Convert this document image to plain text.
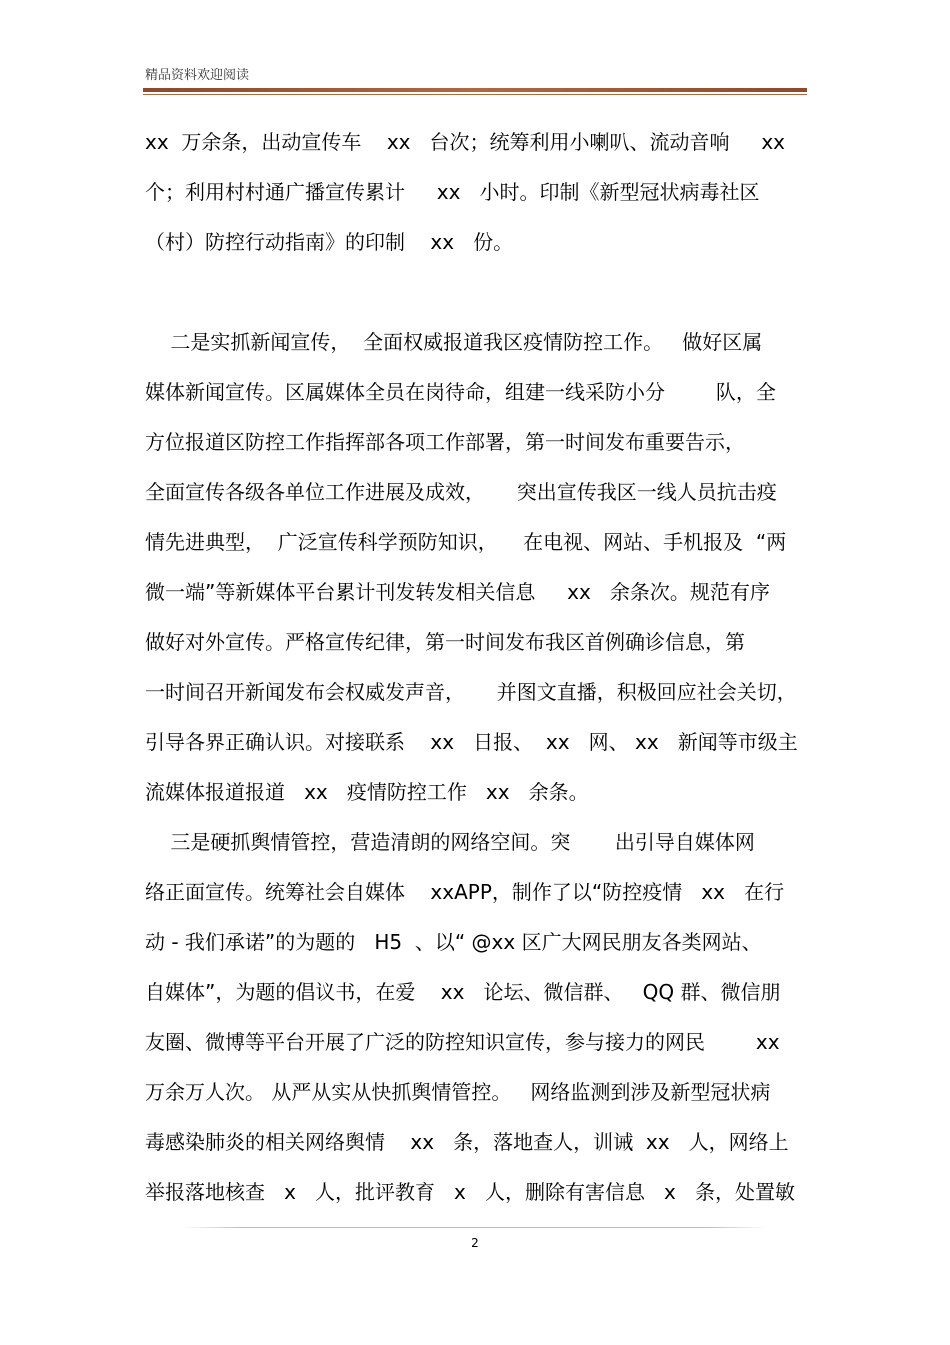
精品资料欢迎阅读
xx  万余条，出动宣传车    xx   台次；统筹利用小喇叭、流动音响     xx
个；利用村村通广播宣传累计     xx   小时。印制《新型冠状病毒社区
（村）防控行动指南》的印制    xx   份。
二是实抓新闻宣传，  全面权威报道我区疫情防控工作。   做好区属
媒体新闻宣传。区属媒体全员在岗待命，组建一线采防小分        队，全
方位报道区防控工作指挥部各项工作部署，第一时间发布重要告示，
全面宣传各级各单位工作进展及成效，     突出宣传我区一线人员抗击疫
情先进典型，  广泛宣传科学预防知识，    在电视、网站、手机报及  “两
微一端”等新媒体平台累计刊发转发相关信息     xx   余条次。规范有序
做好对外宣传。严格宣传纪律，第一时间发布我区首例确诊信息，第
一时间召开新闻发布会权威发声音，     并图文直播，积极回应社会关切，
引导各界正确认识。对接联系    xx   日报、  xx   网、 xx   新闻等市级主
流媒体报道报道   xx   疫情防控工作   xx   余条。
三是硬抓舆情管控，营造清朗的网络空间。突       出引导自媒体网
络正面宣传。统筹社会自媒体    xxAPP，制作了以“防控疫情   xx   在行
动 - 我们承诺”的为题的   H5  、以“ @xx 区广大网民朋友各类网站、
自媒体”，为题的倡议书，在爱    xx   论坛、微信群、   QQ 群、微信朋
友圈、微博等平台开展了广泛的防控知识宣传，参与接力的网民        xx
万余万人次。 从严从实从快抓舆情管控。   网络监测到涉及新型冠状病
毒感染肺炎的相关网络舆情    xx   条，落地查人，训诫  xx   人，网络上
举报落地核查   x   人，批评教育   x   人，删除有害信息   x   条，处置敏
2
